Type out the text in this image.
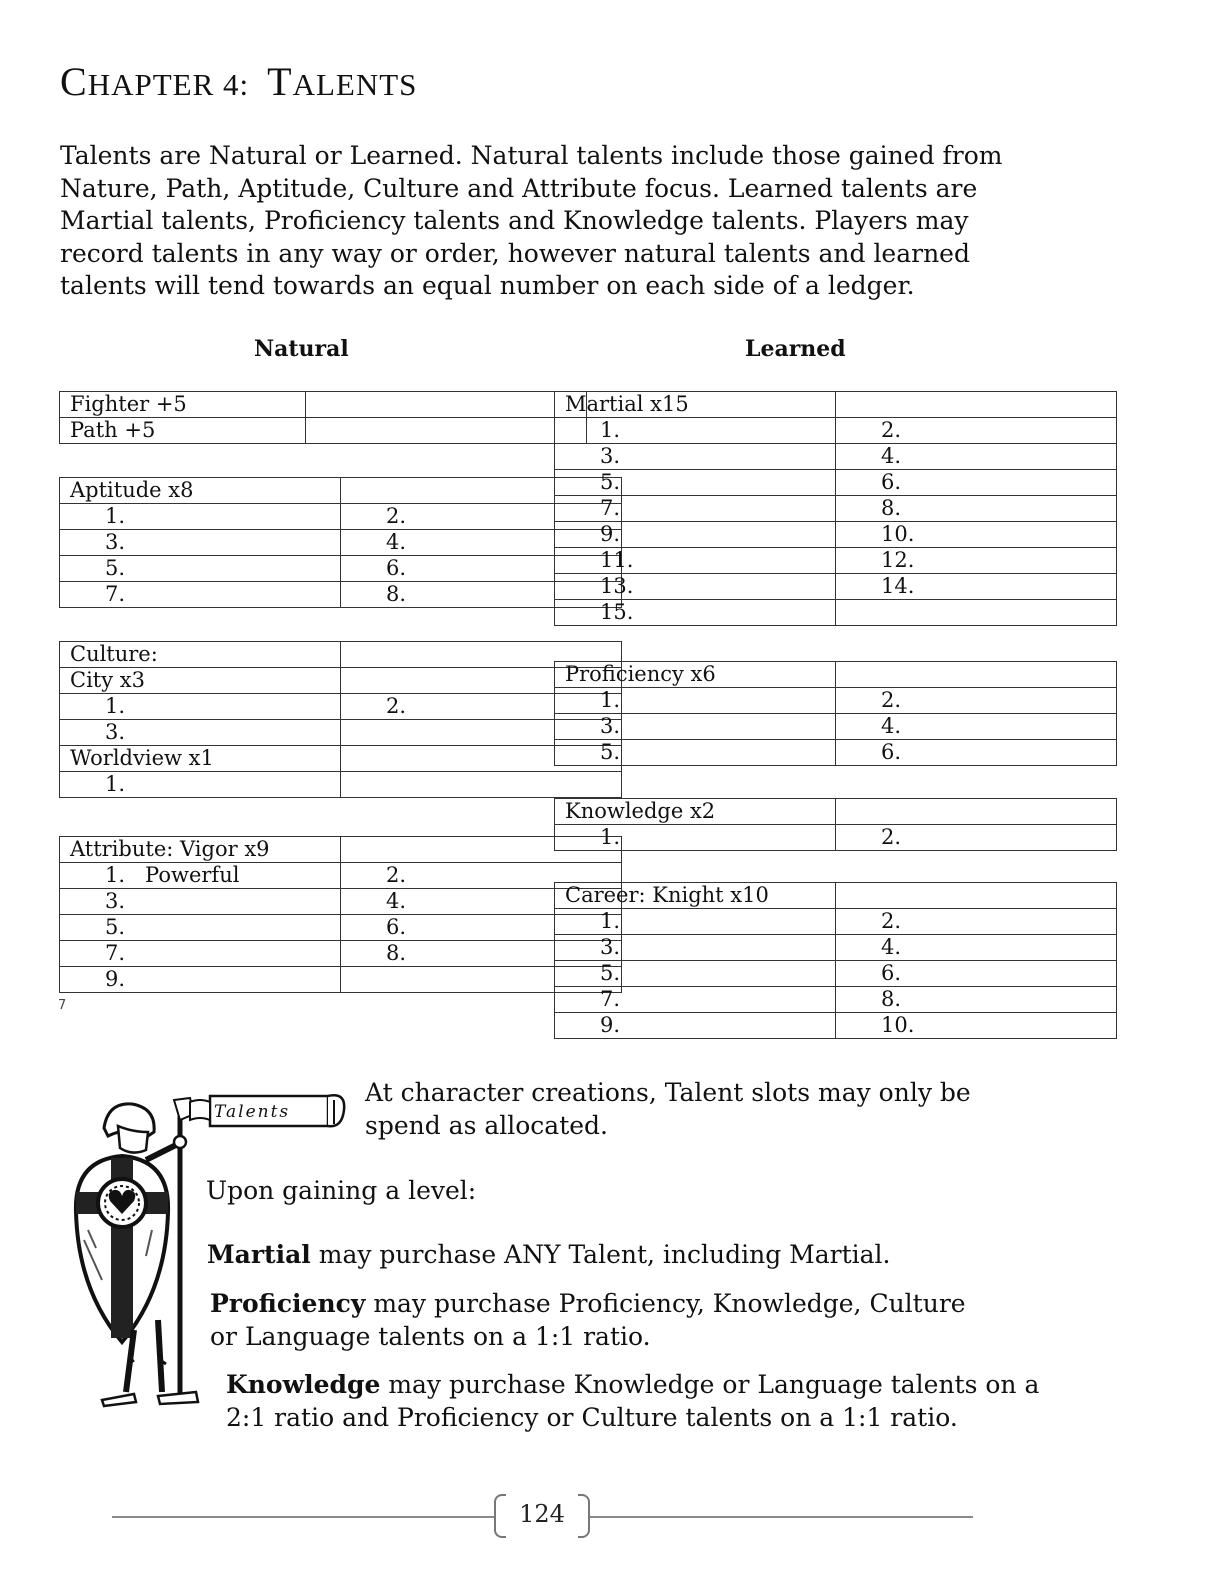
CHAPTER 4: TALENTS

Talents are Natural or Learned. Natural talents include those gained from Nature, Path, Aptitude, Culture and Attribute focus. Learned talents are Martial talents, Proficiency talents and Knowledge talents. Players may record talents in any way or order, however natural talents and learned talents will tend towards an equal number on each side of a ledger.

Natural	Learned
Fighter +5	
Path +5	
Aptitude x8	
1.	2.
3.	4.
5.	6.
7.	8.
Culture:	
City x3	
1.	2.
3.	
Worldview x1	
1.	
Attribute: Vigor x9	
1.   Powerful	2.
3.	4.
5.	6.
7.	8.
9.	
7
Martial x15	
1.	2.
3.	4.
5.	6.
7.	8.
9.	10.
11.	12.
13.	14.
15.	
Proficiency x6	
1.	2.
3.	4.
5.	6.
Knowledge x2	
1.	2.
Career: Knight x10	
1.	2.
3.	4.
5.	6.
7.	8.
9.	10.
Talents

At character creations, Talent slots may only be spend as allocated.

Upon gaining a level:

Martial may purchase ANY Talent, including Martial.

Proficiency may purchase Proficiency, Knowledge, Culture or Language talents on a 1:1 ratio.

Knowledge may purchase Knowledge or Language talents on a 2:1 ratio and Proficiency or Culture talents on a 1:1 ratio.

124
